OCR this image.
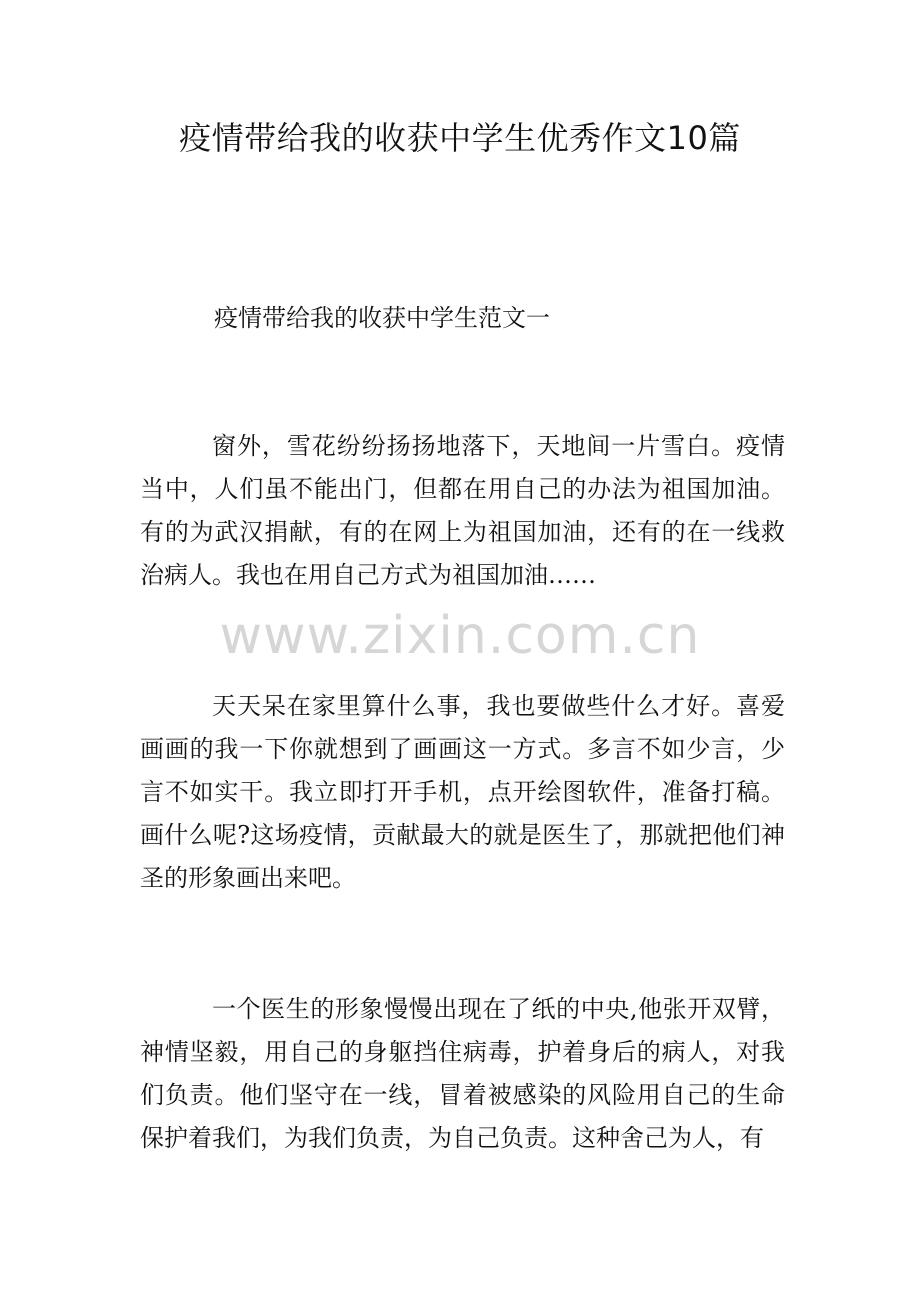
疫情带给我的收获中学生优秀作文10篇
疫情带给我的收获中学生范文一

窗外，雪花纷纷扬扬地落下，天地间一片雪白。疫情当中，人们虽不能出门，但都在用自己的办法为祖国加油。有的为武汉捐献，有的在网上为祖国加油，还有的在一线救治病人。我也在用自己方式为祖国加油……

www.zixin.com.cn

天天呆在家里算什么事，我也要做些什么才好。喜爱画画的我一下你就想到了画画这一方式。多言不如少言，少言不如实干。我立即打开手机，点开绘图软件，准备打稿。画什么呢?这场疫情，贡献最大的就是医生了，那就把他们神圣的形象画出来吧。

一个医生的形象慢慢出现在了纸的中央,他张开双臂，神情坚毅，用自己的身躯挡住病毒，护着身后的病人，对我们负责。他们坚守在一线，冒着被感染的风险用自己的生命保护着我们，为我们负责，为自己负责。这种舍己为人，有
